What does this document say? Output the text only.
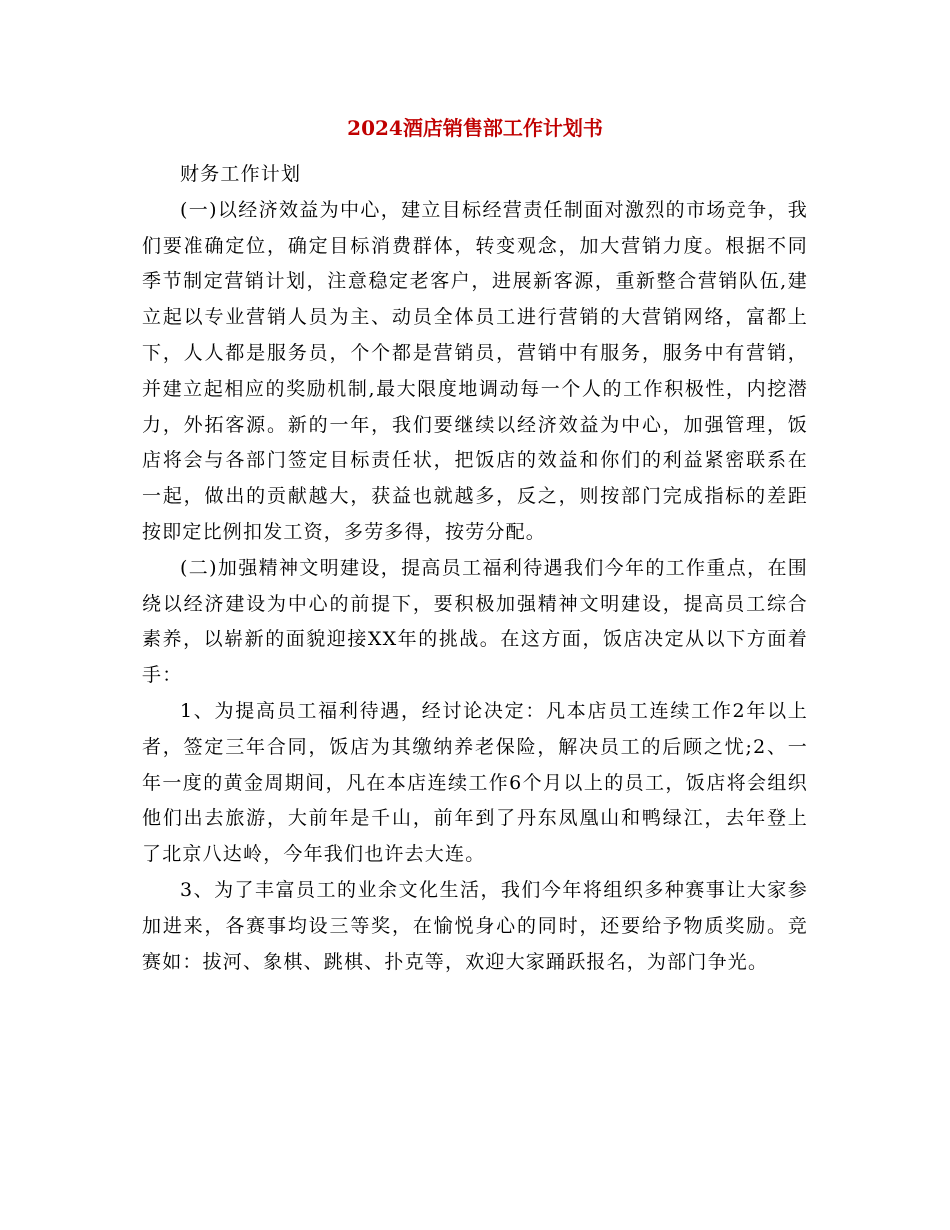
2024酒店销售部工作计划书

财务工作计划

(一)以经济效益为中心，建立目标经营责任制面对激烈的市场竞争，我们要准确定位，确定目标消费群体，转变观念，加大营销力度。根据不同季节制定营销计划，注意稳定老客户，进展新客源，重新整合营销队伍,建立起以专业营销人员为主、动员全体员工进行营销的大营销网络，富都上下，人人都是服务员，个个都是营销员，营销中有服务，服务中有营销，并建立起相应的奖励机制,最大限度地调动每一个人的工作积极性，内挖潜力，外拓客源。新的一年，我们要继续以经济效益为中心，加强管理，饭店将会与各部门签定目标责任状，把饭店的效益和你们的利益紧密联系在一起，做出的贡献越大，获益也就越多，反之，则按部门完成指标的差距按即定比例扣发工资，多劳多得，按劳分配。

(二)加强精神文明建设，提高员工福利待遇我们今年的工作重点，在围绕以经济建设为中心的前提下，要积极加强精神文明建设，提高员工综合素养，以崭新的面貌迎接XX年的挑战。在这方面，饭店决定从以下方面着手：

1、为提高员工福利待遇，经讨论决定：凡本店员工连续工作2年以上者，签定三年合同，饭店为其缴纳养老保险，解决员工的后顾之忧;2、一年一度的黄金周期间，凡在本店连续工作6个月以上的员工，饭店将会组织他们出去旅游，大前年是千山，前年到了丹东凤凰山和鸭绿江，去年登上了北京八达岭，今年我们也许去大连。

3、为了丰富员工的业余文化生活，我们今年将组织多种赛事让大家参加进来，各赛事均设三等奖，在愉悦身心的同时，还要给予物质奖励。竞赛如：拔河、象棋、跳棋、扑克等，欢迎大家踊跃报名，为部门争光。
